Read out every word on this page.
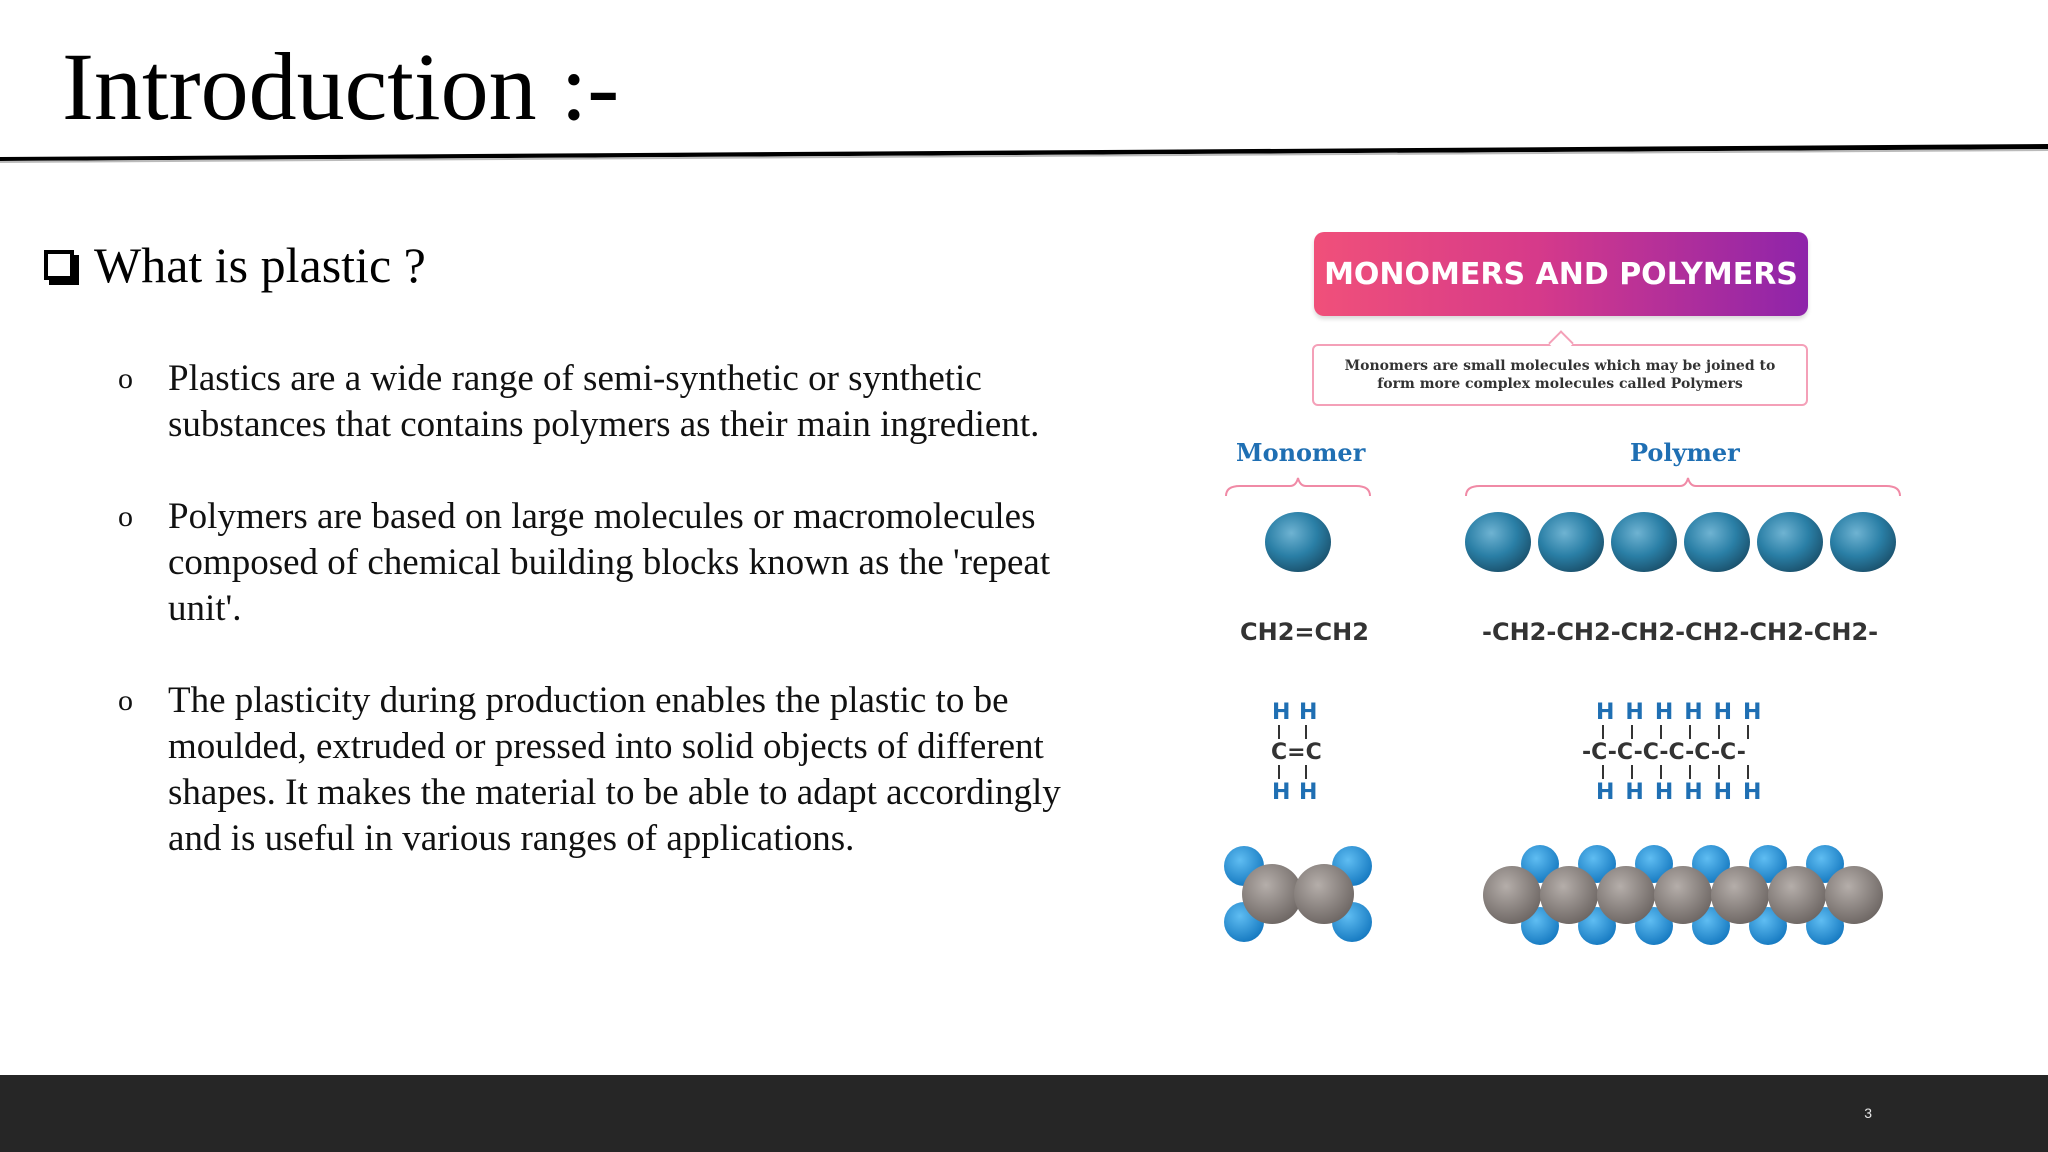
Introduction :-
What is plastic ?
o Plastics are a wide range of semi-synthetic or synthetic substances that contains polymers as their main ingredient.
o Polymers are based on large molecules or macromolecules composed of chemical building blocks known as the 'repeat unit'.
o The plasticity during production enables the plastic to be moulded, extruded or pressed into solid objects of different shapes. It makes the material to be able to adapt accordingly and is useful in various ranges of applications.
MONOMERS AND POLYMERS
Monomers are small molecules which may be joined to form more complex molecules called Polymers
Monomer	Polymer
H H
C=C
H H
HHHHHH
-C-C-C-C-C-C-
HHHHHH
CH2=CH2	-CH2-CH2-CH2-CH2-CH2-CH2-
3
